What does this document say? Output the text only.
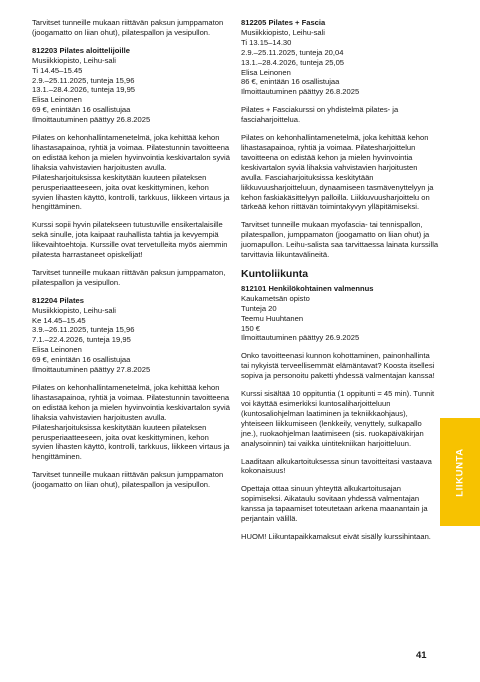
Tarvitset tunneille mukaan riittävän paksun jumppamaton (joogamatto on liian ohut), pilatespallon ja vesipullon.

812203 Pilates aloittelijoille
Musiikkiopisto, Leihu-sali
Ti 14.45–15.45
2.9.–25.11.2025, tunteja 15,96
13.1.–28.4.2026, tunteja 19,95
Elisa Leinonen
69 €, enintään 16 osallistujaa
Ilmoittautuminen päättyy 26.8.2025

Pilates on kehonhallintamenetelmä, joka kehittää kehon lihastasapainoa, ryhtiä ja voimaa. Pilatestunnin tavoitteena on edistää kehon ja mielen hyvinvointia keskivartalon syviä lihaksia vahvistavien harjoitusten avulla. Pilatesharjoituksissa keskitytään kuuteen pilateksen perusperiaatteeseen, joita ovat keskittyminen, kehon syvien lihasten käyttö, kontrolli, tarkkuus, liikkeen virtaus ja hengittäminen.

Kurssi sopii hyvin pilatekseen tutustuville ensikertalaisille sekä sinulle, jota kaipaat rauhallista tahtia ja kevyempiä liikevaihtoehtoja. Kurssille ovat tervetulleita myös aiemmin pilatesta harrastaneet opiskelijat!

Tarvitset tunneille mukaan riittävän paksun jumppamaton, pilatespallon ja vesipullon.

812204 Pilates
Musiikkiopisto, Leihu-sali
Ke 14.45–15.45
3.9.–26.11.2025, tunteja 15,96
7.1.–22.4.2026, tunteja 19,95
Elisa Leinonen
69 €, enintään 16 osallistujaa
Ilmoittautuminen päättyy 27.8.2025

Pilates on kehonhallintamenetelmä, joka kehittää kehon lihastasapainoa, ryhtiä ja voimaa. Pilatestunnin tavoitteena on edistää kehon ja mielen hyvinvointia keskivartalon syviä lihaksia vahvistavien harjoitusten avulla. Pilatesharjoituksissa keskitytään kuuteen pilateksen perusperiaatteeseen, joita ovat keskittyminen, kehon syvien lihasten käyttö, kontrolli, tarkkuus, liikkeen virtaus ja hengittäminen.

Tarvitset tunneille mukaan riittävän paksun jumppamaton (joogamatto on liian ohut), pilatespallon ja vesipullon.

812205 Pilates + Fascia
Musiikkiopisto, Leihu-sali
Ti 13.15–14.30
2.9.–25.11.2025, tunteja 20,04
13.1.–28.4.2026, tunteja 25,05
Elisa Leinonen
86 €, enintään 16 osallistujaa
Ilmoittautuminen päättyy 26.8.2025

Pilates + Fasciakurssi on yhdistelmä pilates- ja fasciaharjoittelua.

Pilates on kehonhallintamenetelmä, joka kehittää kehon lihastasapainoa, ryhtiä ja voimaa. Pilatesharjoittelun tavoitteena on edistää kehon ja mielen hyvinvointia keskivartalon syviä lihaksia vahvistavien harjoitusten avulla. Fasciaharjoituksissa keskitytään liikkuvuusharjoitteluun, dynaamiseen tasmävenyttelyyn ja kehon faskiakäsittelyyn palloilla. Liikkuvuusharjoittelu on tärkeää kehon riittävän toimintakyvyn ylläpitämiseksi.

Tarvitset tunneille mukaan myofascia- tai tennispallon, pilatespallon, jumppamaton (joogamatto on liian ohut) ja juomapullon. Leihu-salista saa tarvittaessa lainata kurssilla tarvittavia liikuntavälineitä.

Kuntoliikunta
812101 Henkilökohtainen valmennus
Kaukametsän opisto
Tunteja 20
Teemu Huuhtanen
150 €
Ilmoittautuminen päättyy 26.9.2025

Onko tavoitteenasi kunnon kohottaminen, painonhallinta tai nykyistä terveellisemmät elämäntavat? Koosta itsellesi sopiva ja personoitu paketti yhdessä valmentajan kanssa!

Kurssi sisältää 10 oppituntia (1 oppitunti = 45 min). Tunnit voi käyttää esimerkiksi kuntosaliharjoitteluun (kuntosaliohjelman laatiminen ja tekniikkaohjaus), yhteiseen liikkumiseen (lenkkeily, venyttely, sulkapallo jne.), ruokaohjelman laatimiseen (sis. ruokapäiväkirjan analysoinnin) tai vaikka uintitekniikan harjoitteluun.

Laaditaan alkukartoituksessa sinun tavoitteitasi vastaava kokonaisuus!

Opettaja ottaa sinuun yhteyttä alkukartoitusajan sopimiseksi. Aikataulu sovitaan yhdessä valmentajan kanssa ja tapaamiset toteutetaan arkena maanantain ja perjantain välillä.

HUOM! Liikuntapaikkamaksut eivät sisälly kurssihintaan.

LIIKUNTA
41
